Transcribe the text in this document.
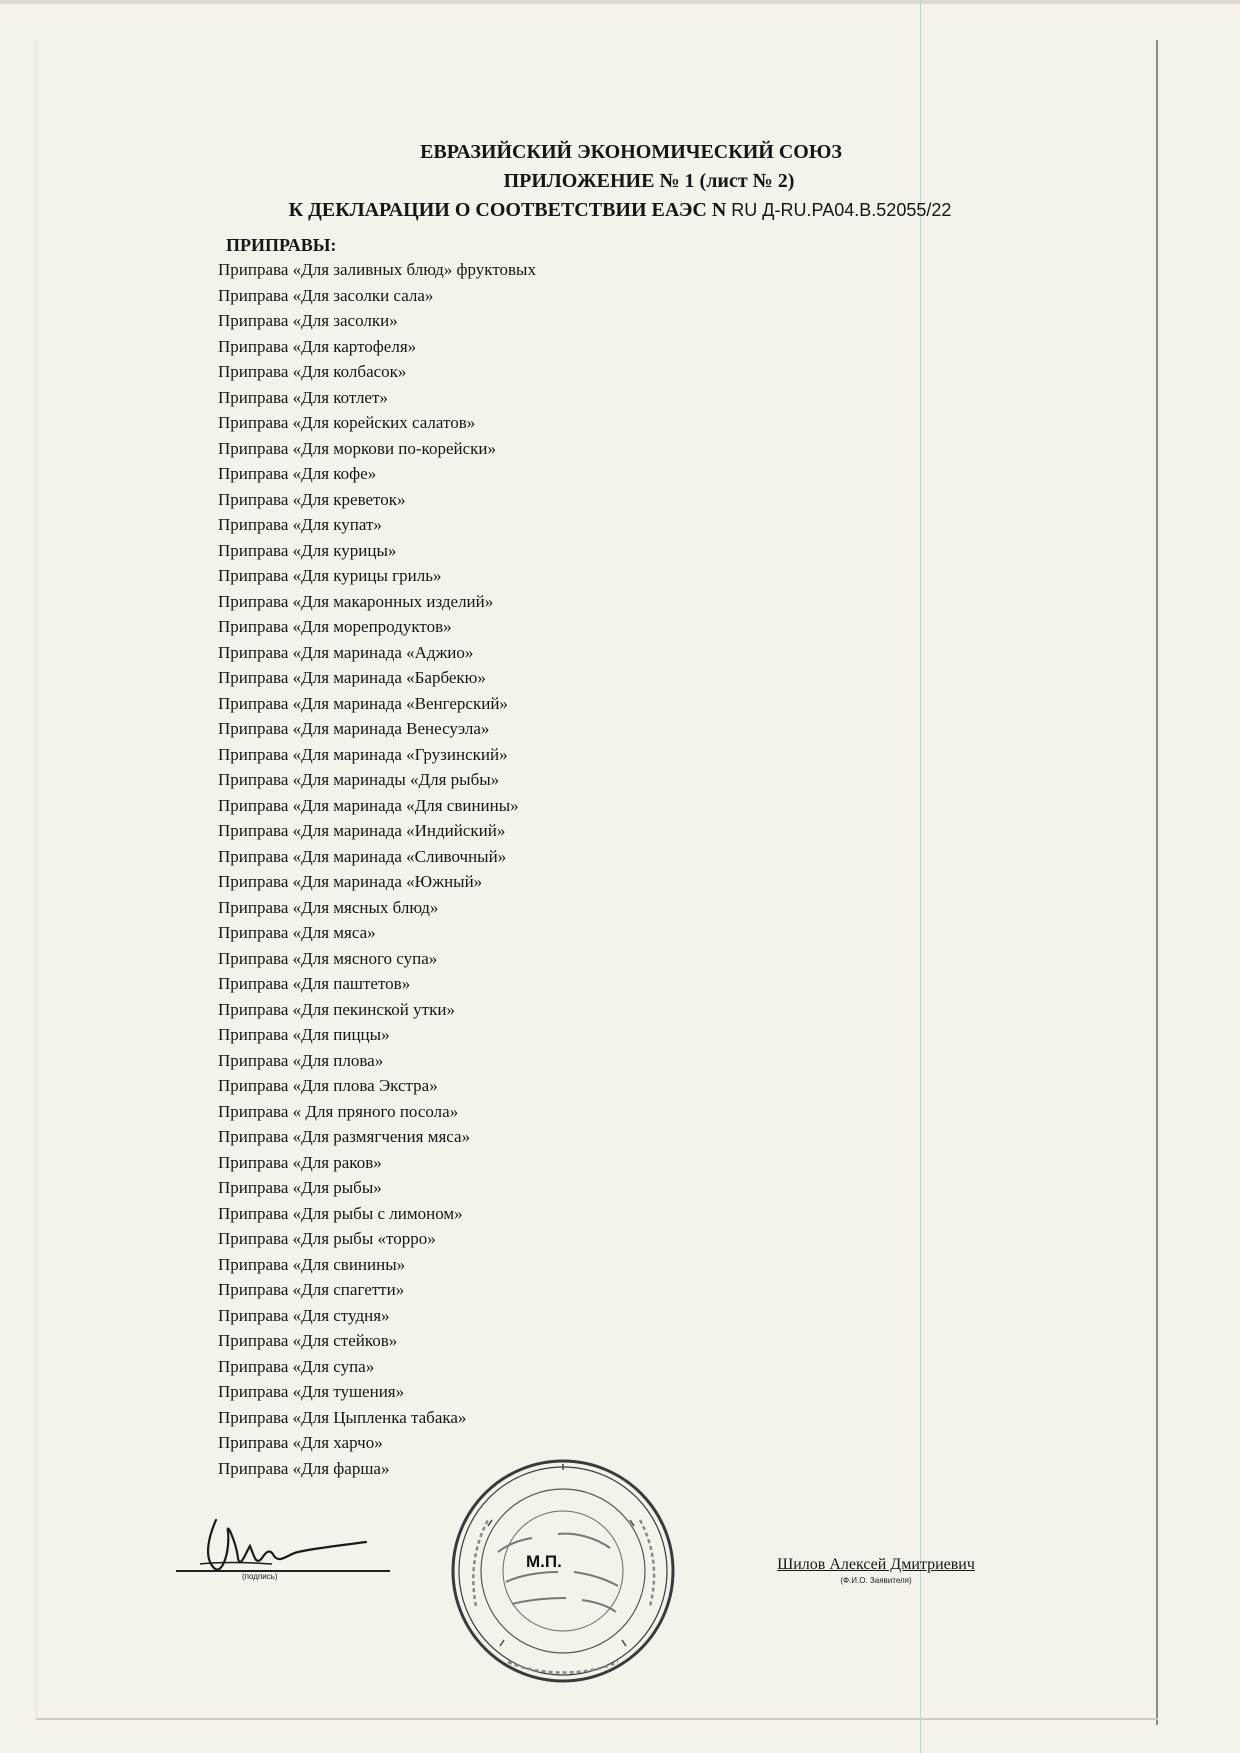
ЕВРАЗИЙСКИЙ ЭКОНОМИЧЕСКИЙ СОЮЗ
ПРИЛОЖЕНИЕ № 1 (лист № 2)
К ДЕКЛАРАЦИИ О СООТВЕТСТВИИ ЕАЭС N RU Д-RU.РА04.В.52055/22
ПРИПРАВЫ:
Приправа «Для заливных блюд» фруктовых
Приправа «Для засолки сала»
Приправа «Для засолки»
Приправа «Для картофеля»
Приправа «Для колбасок»
Приправа «Для котлет»
Приправа «Для корейских салатов»
Приправа «Для моркови по-корейски»
Приправа «Для кофе»
Приправа «Для креветок»
Приправа «Для купат»
Приправа «Для курицы»
Приправа «Для курицы гриль»
Приправа «Для макаронных изделий»
Приправа «Для морепродуктов»
Приправа «Для маринада «Аджио»
Приправа «Для маринада «Барбекю»
Приправа «Для маринада «Венгерский»
Приправа «Для маринада Венесуэла»
Приправа «Для маринада «Грузинский»
Приправа «Для маринады «Для рыбы»
Приправа «Для маринада «Для свинины»
Приправа «Для маринада «Индийский»
Приправа «Для маринада «Сливочный»
Приправа «Для маринада «Южный»
Приправа «Для мясных блюд»
Приправа «Для мяса»
Приправа «Для мясного супа»
Приправа «Для паштетов»
Приправа «Для пекинской утки»
Приправа «Для пиццы»
Приправа «Для плова»
Приправа «Для плова Экстра»
Приправа « Для пряного посола»
Приправа «Для размягчения мяса»
Приправа «Для раков»
Приправа «Для рыбы»
Приправа «Для рыбы с лимоном»
Приправа «Для рыбы «торро»
Приправа «Для свинины»
Приправа «Для спагетти»
Приправа «Для студня»
Приправа «Для стейков»
Приправа «Для супа»
Приправа «Для тушения»
Приправа «Для Цыпленка табака»
Приправа «Для харчо»
Приправа «Для фарша»
(подпись)
М.П.	Шилов Алексей Дмитриевич
(Ф.И.О. Заявителя)
